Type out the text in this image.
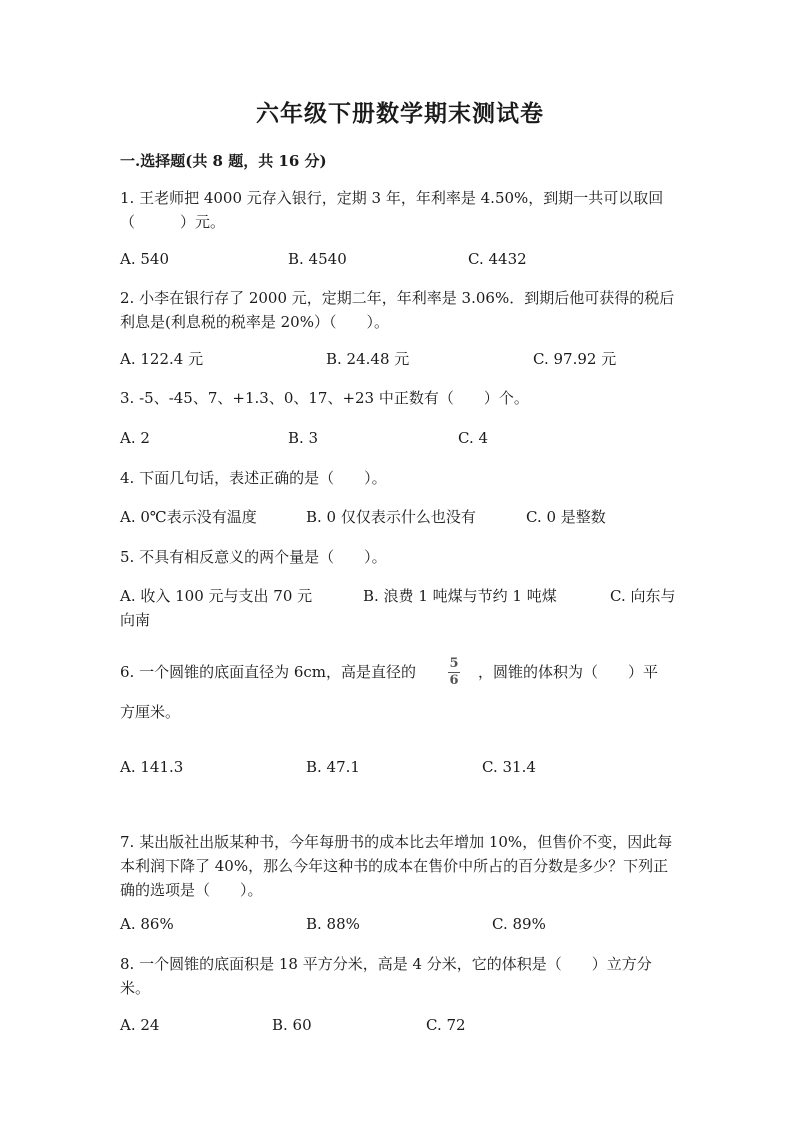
六年级下册数学期末测试卷
一.选择题(共 8 题，共 16 分)
1. 王老师把 4000 元存入银行，定期 3 年，年利率是 4.50%，到期一共可以取回（　　　）元。
A. 540	B. 4540	C. 4432
2. 小李在银行存了 2000 元，定期二年，年利率是 3.06%．到期后他可获得的税后利息是(利息税的税率是 20%）（　　）。
A. 122.4 元	B. 24.48 元	C. 97.92 元
3. -5、-45、7、+1.3、0、17、+23 中正数有（　　）个。
A. 2	B. 3	C. 4
4. 下面几句话，表述正确的是（　　）。
A. 0℃表示没有温度	B. 0 仅仅表示什么也没有	C. 0 是整数
5. 不具有相反意义的两个量是（　　）。
A. 收入 100 元与支出 70 元	B. 浪费 1 吨煤与节约 1 吨煤	C. 向东与
向南
6. 一个圆锥的底面直径为 6cm，高是直径的	5
6 ，圆锥的体积为（　　）平
方厘米。
A. 141.3	B. 47.1	C. 31.4
7. 某出版社出版某种书，今年每册书的成本比去年增加 10%，但售价不变，因此每本利润下降了 40%，那么今年这种书的成本在售价中所占的百分数是多少？下列正确的选项是（　　）。
A. 86%	B. 88%	C. 89%
8. 一个圆锥的底面积是 18 平方分米，高是 4 分米，它的体积是（　　）立方分米。
A. 24	B. 60	C. 72
